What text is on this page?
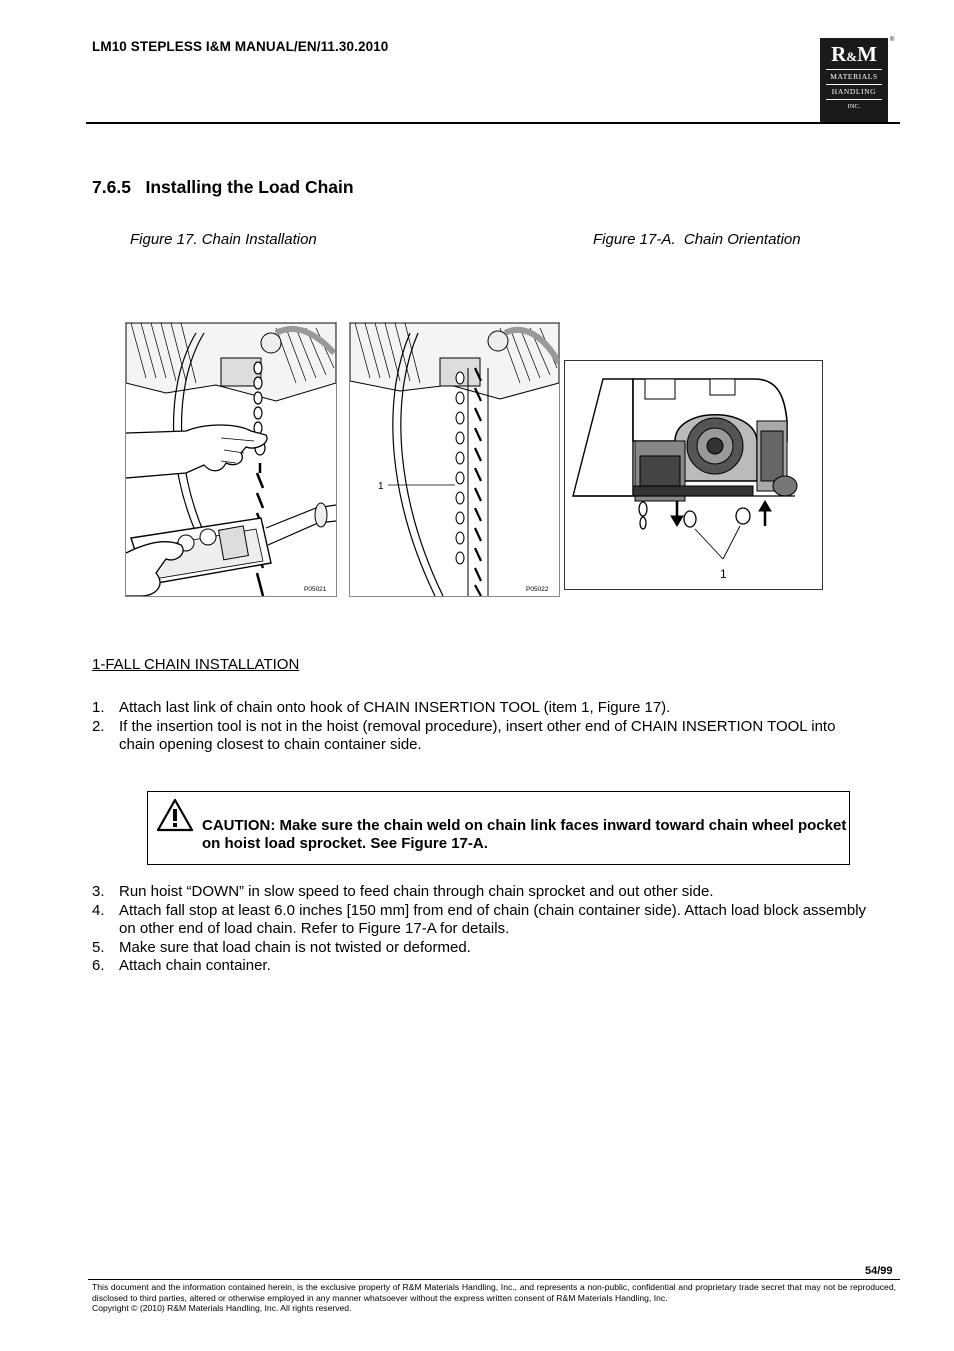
LM10 STEPLESS I&M MANUAL/EN/11.30.2010	R&M
MATERIALS
HANDLING
INC.
®
7.6.5   Installing the Load Chain
Figure 17. Chain Installation	Figure 17-A.  Chain Orientation
P05021
1
P05022
1
1-FALL CHAIN INSTALLATION
1. Attach last link of chain onto hook of CHAIN INSERTION TOOL (item 1, Figure 17).
2. If the insertion tool is not in the hoist (removal procedure), insert other end of CHAIN INSERTION TOOL into chain opening closest to chain container side.
CAUTION: Make sure the chain weld on chain link faces inward toward chain wheel pocket on hoist load sprocket. See Figure 17-A.
3. Run hoist “DOWN” in slow speed to feed chain through chain sprocket and out other side.
4. Attach fall stop at least 6.0 inches [150 mm] from end of chain (chain container side). Attach load block assembly on other end of load chain. Refer to Figure 17-A for details.
5. Make sure that load chain is not twisted or deformed.
6. Attach chain container.
54/99
This document and the information contained herein, is the exclusive property of R&M Materials Handling, Inc., and represents a non-public, confidential and proprietary trade secret that may not be reproduced, disclosed to third parties, altered or otherwise employed in any manner whatsoever without the express written consent of R&M Materials Handling, Inc.
Copyright © (2010) R&M Materials Handling, Inc. All rights reserved.
